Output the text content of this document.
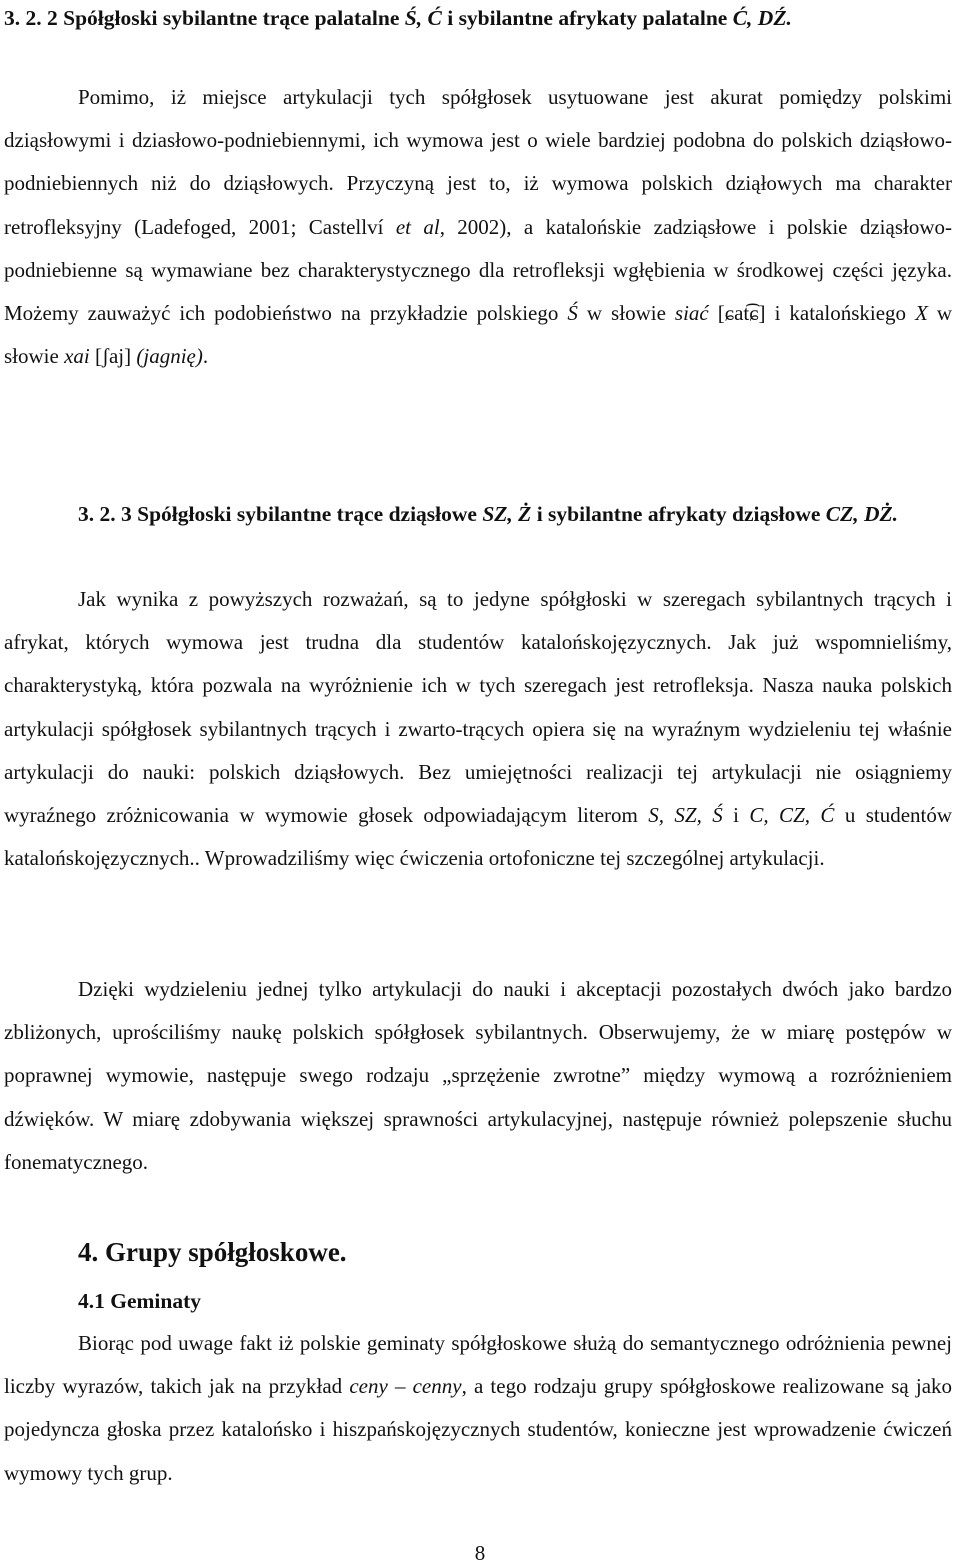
3. 2. 2 Spółgłoski sybilantne trące palatalne Ś, Ć i sybilantne afrykaty palatalne Ć, DŹ.

Pomimo, iż miejsce artykulacji tych spółgłosek usytuowane jest akurat pomiędzy polskimi dziąsłowymi i dziasłowo-podniebiennymi, ich wymowa jest o wiele bardziej podobna do polskich dziąsłowo-podniebiennych niż do dziąsłowych. Przyczyną jest to, iż wymowa polskich dziąłowych ma charakter retrofleksyjny (Ladefoged, 2001; Castellví et al, 2002), a katalońskie zadziąsłowe i polskie dziąsłowo-podniebienne są wymawiane bez charakterystycznego dla retrofleksji wgłębienia w środkowej części języka. Możemy zauważyć ich podobieństwo na przykładzie polskiego Ś w słowie siać [ɕat͡ɕ] i katalońskiego X w słowie xai [ʃaj] (jagnię).

3. 2. 3 Spółgłoski sybilantne trące dziąsłowe SZ, Ż i sybilantne afrykaty dziąsłowe CZ, DŻ.

Jak wynika z powyższych rozważań, są to jedyne spółgłoski w szeregach sybilantnych trących i afrykat, których wymowa jest trudna dla studentów katalońskojęzycznych. Jak już wspomnieliśmy, charakterystyką, która pozwala na wyróżnienie ich w tych szeregach jest retrofleksja. Nasza nauka polskich artykulacji spółgłosek sybilantnych trących i zwarto-trących opiera się na wyraźnym wydzieleniu tej właśnie artykulacji do nauki: polskich dziąsłowych. Bez umiejętności realizacji tej artykulacji nie osiągniemy wyraźnego zróżnicowania w wymowie głosek odpowiadającym literom S, SZ, Ś i C, CZ, Ć u studentów katalońskojęzycznych.. Wprowadziliśmy więc ćwiczenia ortofoniczne tej szczególnej artykulacji.

Dzięki wydzieleniu jednej tylko artykulacji do nauki i akceptacji pozostałych dwóch jako bardzo zbliżonych, uprościliśmy naukę polskich spółgłosek sybilantnych. Obserwujemy, że w miarę postępów w poprawnej wymowie, następuje swego rodzaju „sprzężenie zwrotne” między wymową a rozróżnieniem dźwięków. W miarę zdobywania większej sprawności artykulacyjnej, następuje również polepszenie słuchu fonematycznego.

4. Grupy spółgłoskowe.
4.1 Geminaty

Biorąc pod uwage fakt iż polskie geminaty spółgłoskowe służą do semantycznego odróżnienia pewnej liczby wyrazów, takich jak na przykład ceny – cenny, a tego rodzaju grupy spółgłoskowe realizowane są jako pojedyncza głoska przez katalońsko i hiszpańskojęzycznych studentów, konieczne jest wprowadzenie ćwiczeń wymowy tych grup.

8
